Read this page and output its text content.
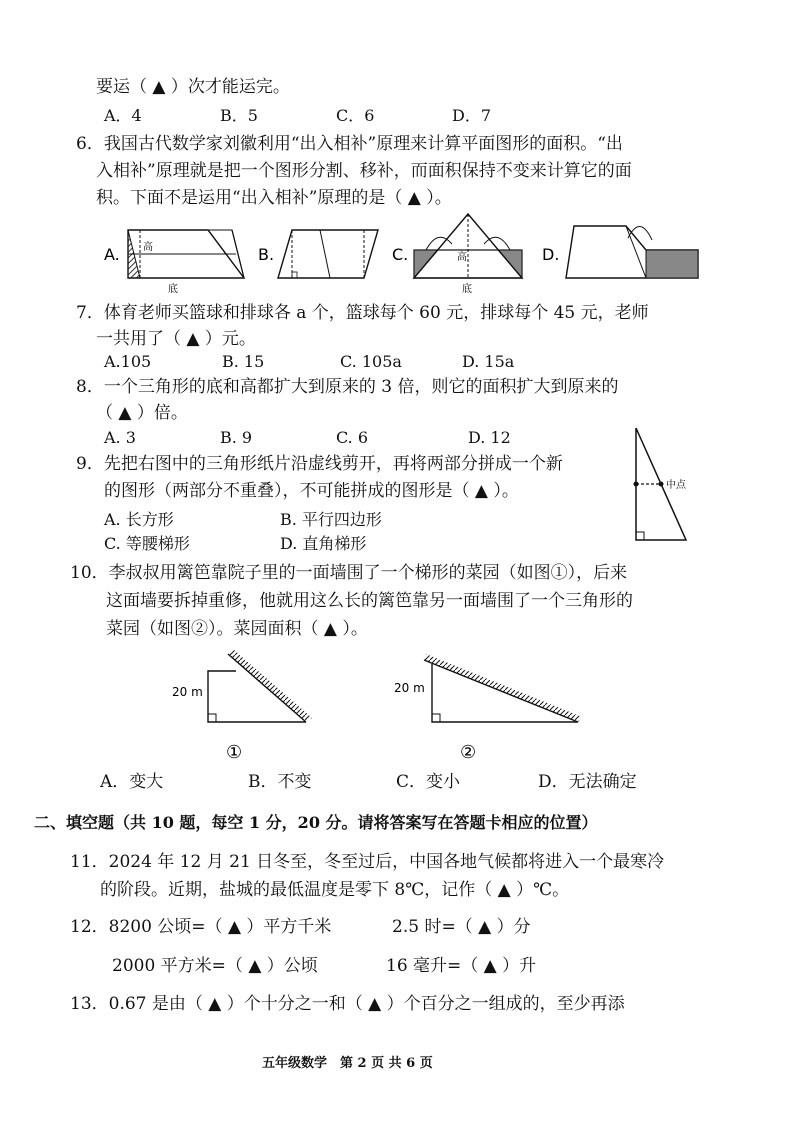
要运（ ▲ ）次才能运完。
A．4	B．5	C．6	D．7
6．我国古代数学家刘徽利用“出入相补”原理来计算平面图形的面积。“出
入相补”原理就是把一个图形分割、移补，而面积保持不变来计算它的面
积。下面不是运用“出入相补”原理的是（ ▲ ）。
A. 高
底
B.	C.	高
底
D.
7．体育老师买篮球和排球各 a 个，篮球每个 60 元，排球每个 45 元，老师
一共用了（ ▲ ）元。
A.105	B. 15	C. 105a	D. 15a
8．一个三角形的底和高都扩大到原来的 3 倍，则它的面积扩大到原来的
（ ▲ ）倍。
A. 3	B. 9	C. 6	D. 12
9．先把右图中的三角形纸片沿虚线剪开，再将两部分拼成一个新
的图形（两部分不重叠），不可能拼成的图形是（ ▲ ）。
A. 长方形	B. 平行四边形
C. 等腰梯形	D. 直角梯形
中点
10．李叔叔用篱笆靠院子里的一面墙围了一个梯形的菜园（如图①），后来
这面墙要拆掉重修，他就用这么长的篱笆靠另一面墙围了一个三角形的
菜园（如图②）。菜园面积（ ▲ ）。
20 m
①
20 m
②
A．变大	B．不变	C．变小	D．无法确定
二、填空题（共 10 题，每空 1 分，20 分。请将答案写在答题卡相应的位置）
11．2024 年 12 月 21 日冬至，冬至过后，中国各地气候都将进入一个最寒冷
的阶段。近期，盐城的最低温度是零下 8℃，记作（ ▲ ）℃。
12．8200 公顷=（ ▲ ）平方千米	2.5 时=（ ▲ ）分
2000 平方米=（ ▲ ）公顷	16 毫升=（ ▲ ）升
13．0.67 是由（ ▲ ）个十分之一和（ ▲ ）个百分之一组成的，至少再添
五年级数学　第 2 页 共 6 页
